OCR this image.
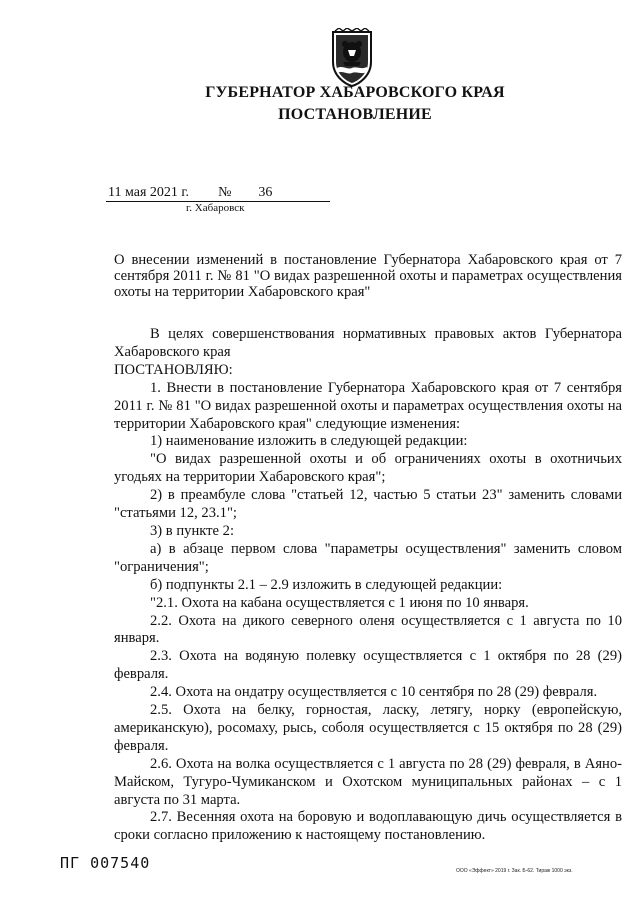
ГУБЕРНАТОР ХАБАРОВСКОГО КРАЯ
ПОСТАНОВЛЕНИЕ
11 мая 2021 г. № 36
г. Хабаровск
О внесении изменений в постановление Губернатора Хабаровского края от 7 сентября 2011 г. № 81 "О видах разрешенной охоты и параметрах осуществления охоты на территории Хабаровского края"

В целях совершенствования нормативных правовых актов Губернатора Хабаровского края

ПОСТАНОВЛЯЮ:

1. Внести в постановление Губернатора Хабаровского края от 7 сентября 2011 г. № 81 "О видах разрешенной охоты и параметрах осуществления охоты на территории Хабаровского края" следующие изменения:

1) наименование изложить в следующей редакции:

"О видах разрешенной охоты и об ограничениях охоты в охотничьих угодьях на территории Хабаровского края";

2) в преамбуле слова "статьей 12, частью 5 статьи 23" заменить словами "статьями 12, 23.1";

3) в пункте 2:

а) в абзаце первом слова "параметры осуществления" заменить словом "ограничения";

б) подпункты 2.1 – 2.9 изложить в следующей редакции:

"2.1. Охота на кабана осуществляется с 1 июня по 10 января.

2.2. Охота на дикого северного оленя осуществляется с 1 августа по 10 января.

2.3. Охота на водяную полевку осуществляется с 1 октября по 28 (29) февраля.

2.4. Охота на ондатру осуществляется с 10 сентября по 28 (29) февраля.

2.5. Охота на белку, горностая, ласку, летягу, норку (европейскую, американскую), росомаху, рысь, соболя осуществляется с 15 октября по 28 (29) февраля.

2.6. Охота на волка осуществляется с 1 августа по 28 (29) февраля, в Аяно-Майском, Тугуро-Чумиканском и Охотском муниципальных районах – с 1 августа по 31 марта.

2.7. Весенняя охота на боровую и водоплавающую дичь осуществляется в сроки согласно приложению к настоящему постановлению.

ПГ 007540	ООО «Эффект» 2019 г. Зак. Б-62. Тираж 1000 экз.
